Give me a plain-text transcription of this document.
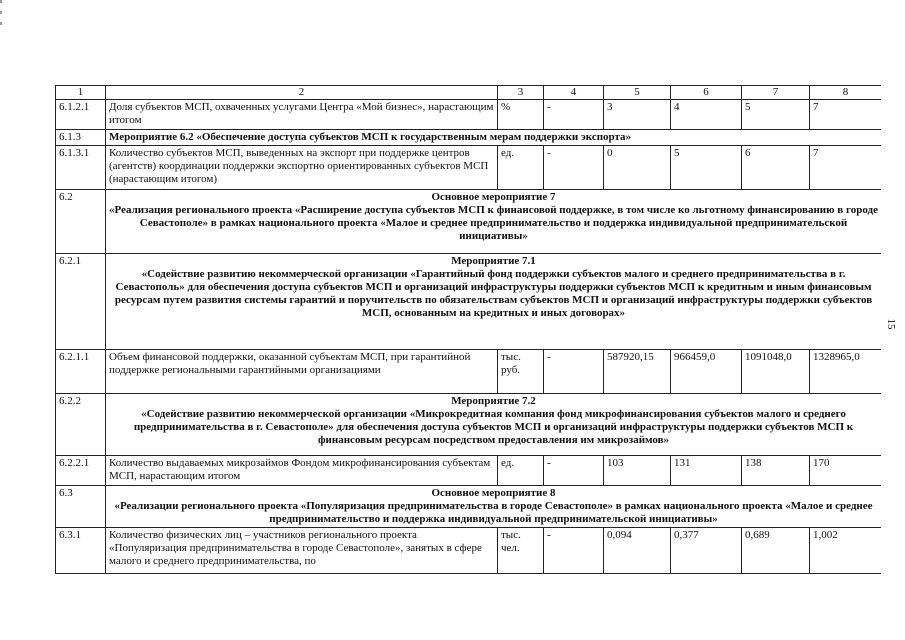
1	2	3	4	5	6	7	8
6.1.2.1	Доля субъектов МСП, охваченных услугами Центра «Мой бизнес», нарастающим итогом	%	-	3	4	5	7
6.1.3	Мероприятие 6.2 «Обеспечение доступа субъектов МСП к государственным мерам поддержки экспорта»						
6.1.3.1	Количество субъектов МСП, выведенных на экспорт при поддержке центров (агентств) координации поддержки экспортно ориентированных субъектов МСП (нарастающим итогом)	ед.	-	0	5	6	7
6.2	Основное мероприятие 7
«Реализация регионального проекта «Расширение доступа субъектов МСП к финансовой поддержке, в том числе ко льготному финансированию в городе Севастополе» в рамках национального проекта «Малое и среднее предпринимательство и поддержка индивидуальной предпринимательской инициативы»						

6.2.1	Мероприятие 7.1
«Содействие развитию некоммерческой организации «Гарантийный фонд поддержки субъектов малого и среднего предпринимательства в г. Севастополь» для обеспечения доступа субъектов МСП и организаций инфраструктуры поддержки субъектов МСП к кредитным и иным финансовым ресурсам путем развития системы гарантий и поручительств по обязательствам субъектов МСП и организаций инфраструктуры поддержки субъектов МСП, основанным на кредитных и иных договорах»						

6.2.1.1	Объем финансовой поддержки, оказанной субъектам МСП, при гарантийной поддержке региональными гарантийными организациями	тыс. руб.	-	587920,15	966459,0	1091048,0	1328965,0
6.2.2	Мероприятие 7.2
«Содействие развитию некоммерческой организации «Микрокредитная компания фонд микрофинансирования субъектов малого и среднего предпринимательства в г. Севастополе» для обеспечения доступа субъектов МСП и организаций инфраструктуры поддержки субъектов МСП к финансовым ресурсам посредством предоставления им микрозаймов»						

6.2.2.1	Количество выдаваемых микрозаймов Фондом микрофинансирования субъектам МСП, нарастающим итогом	ед.	-	103	131	138	170
6.3	Основное мероприятие 8
«Реализации регионального проекта «Популяризация предпринимательства в городе Севастополе» в рамках национального проекта «Малое и среднее предпринимательство и поддержка индивидуальной предпринимательской инициативы»						

6.3.1	Количество физических лиц – участников регионального проекта «Популяризация предпринимательства в городе Севастополе», занятых в сфере малого и среднего предпринимательства, по	тыс. чел.	-	0,094	0,377	0,689	1,002
15
